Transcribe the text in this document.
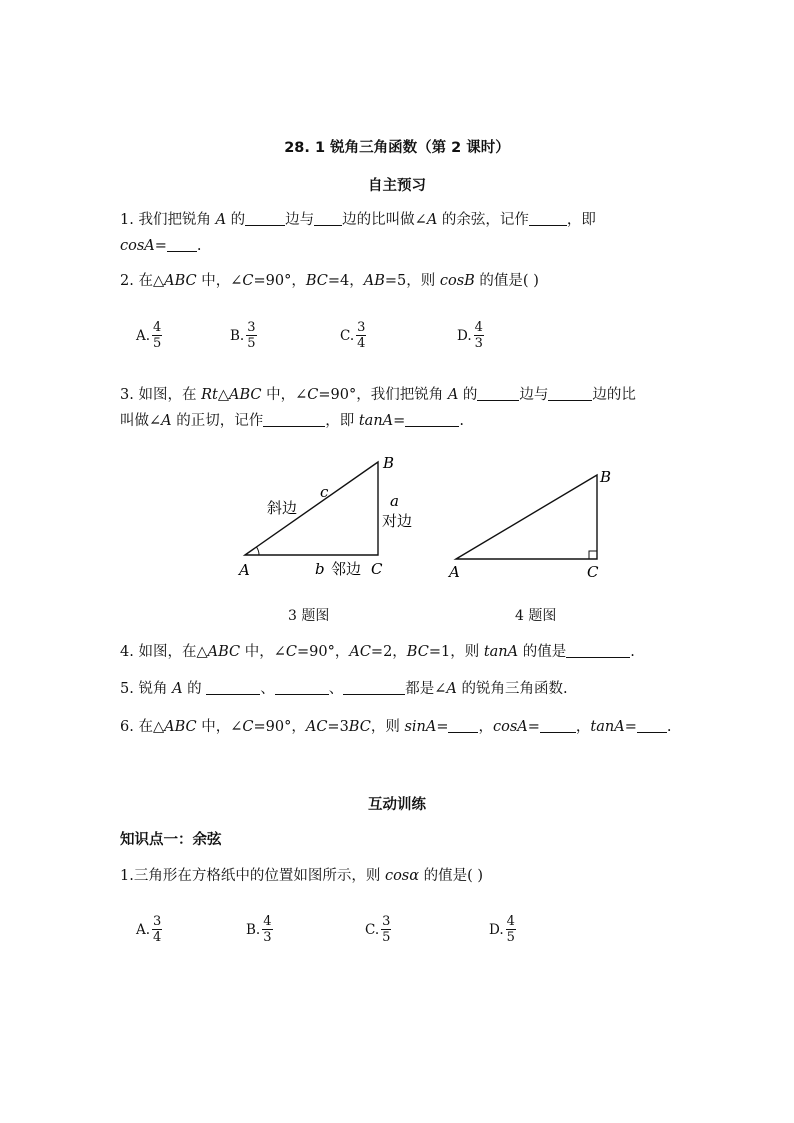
28. 1 锐角三角函数（第 2 课时）
自主预习
1. 我们把锐角 A 的	边与 边的比叫做∠A 的余弦，记作	，即
cosA= .
2. 在△ABC 中，∠C=90°，BC=4，AB=5，则 cosB 的值是( )
A. $\frac{4}{5}$	B. $\frac{3}{5}$	C. $\frac{3}{4}$	D. $\frac{4}{3}$
3. 如图，在 Rt△ABC 中，∠C=90°，我们把锐角 A 的	边与	边的比
叫做∠A 的正切，记作	，即 tanA=	.
A
B
C
c
斜边	a
对边
b 邻边	A
B
C
3 题图	4 题图
4. 如图，在△ABC 中，∠C=90°，AC=2，BC=1，则 tanA 的值是	.
5. 锐角 A 的	、	、	都是∠A 的锐角三角函数.
6. 在△ABC 中，∠C=90°，AC=3BC，则 sinA= ，cosA= ，tanA= .
互动训练
知识点一：余弦
1.三角形在方格纸中的位置如图所示，则 cosα 的值是( )
A. $\frac{3}{4}$	B. $\frac{4}{3}$	C. $\frac{3}{5}$	D. $\frac{4}{5}$
